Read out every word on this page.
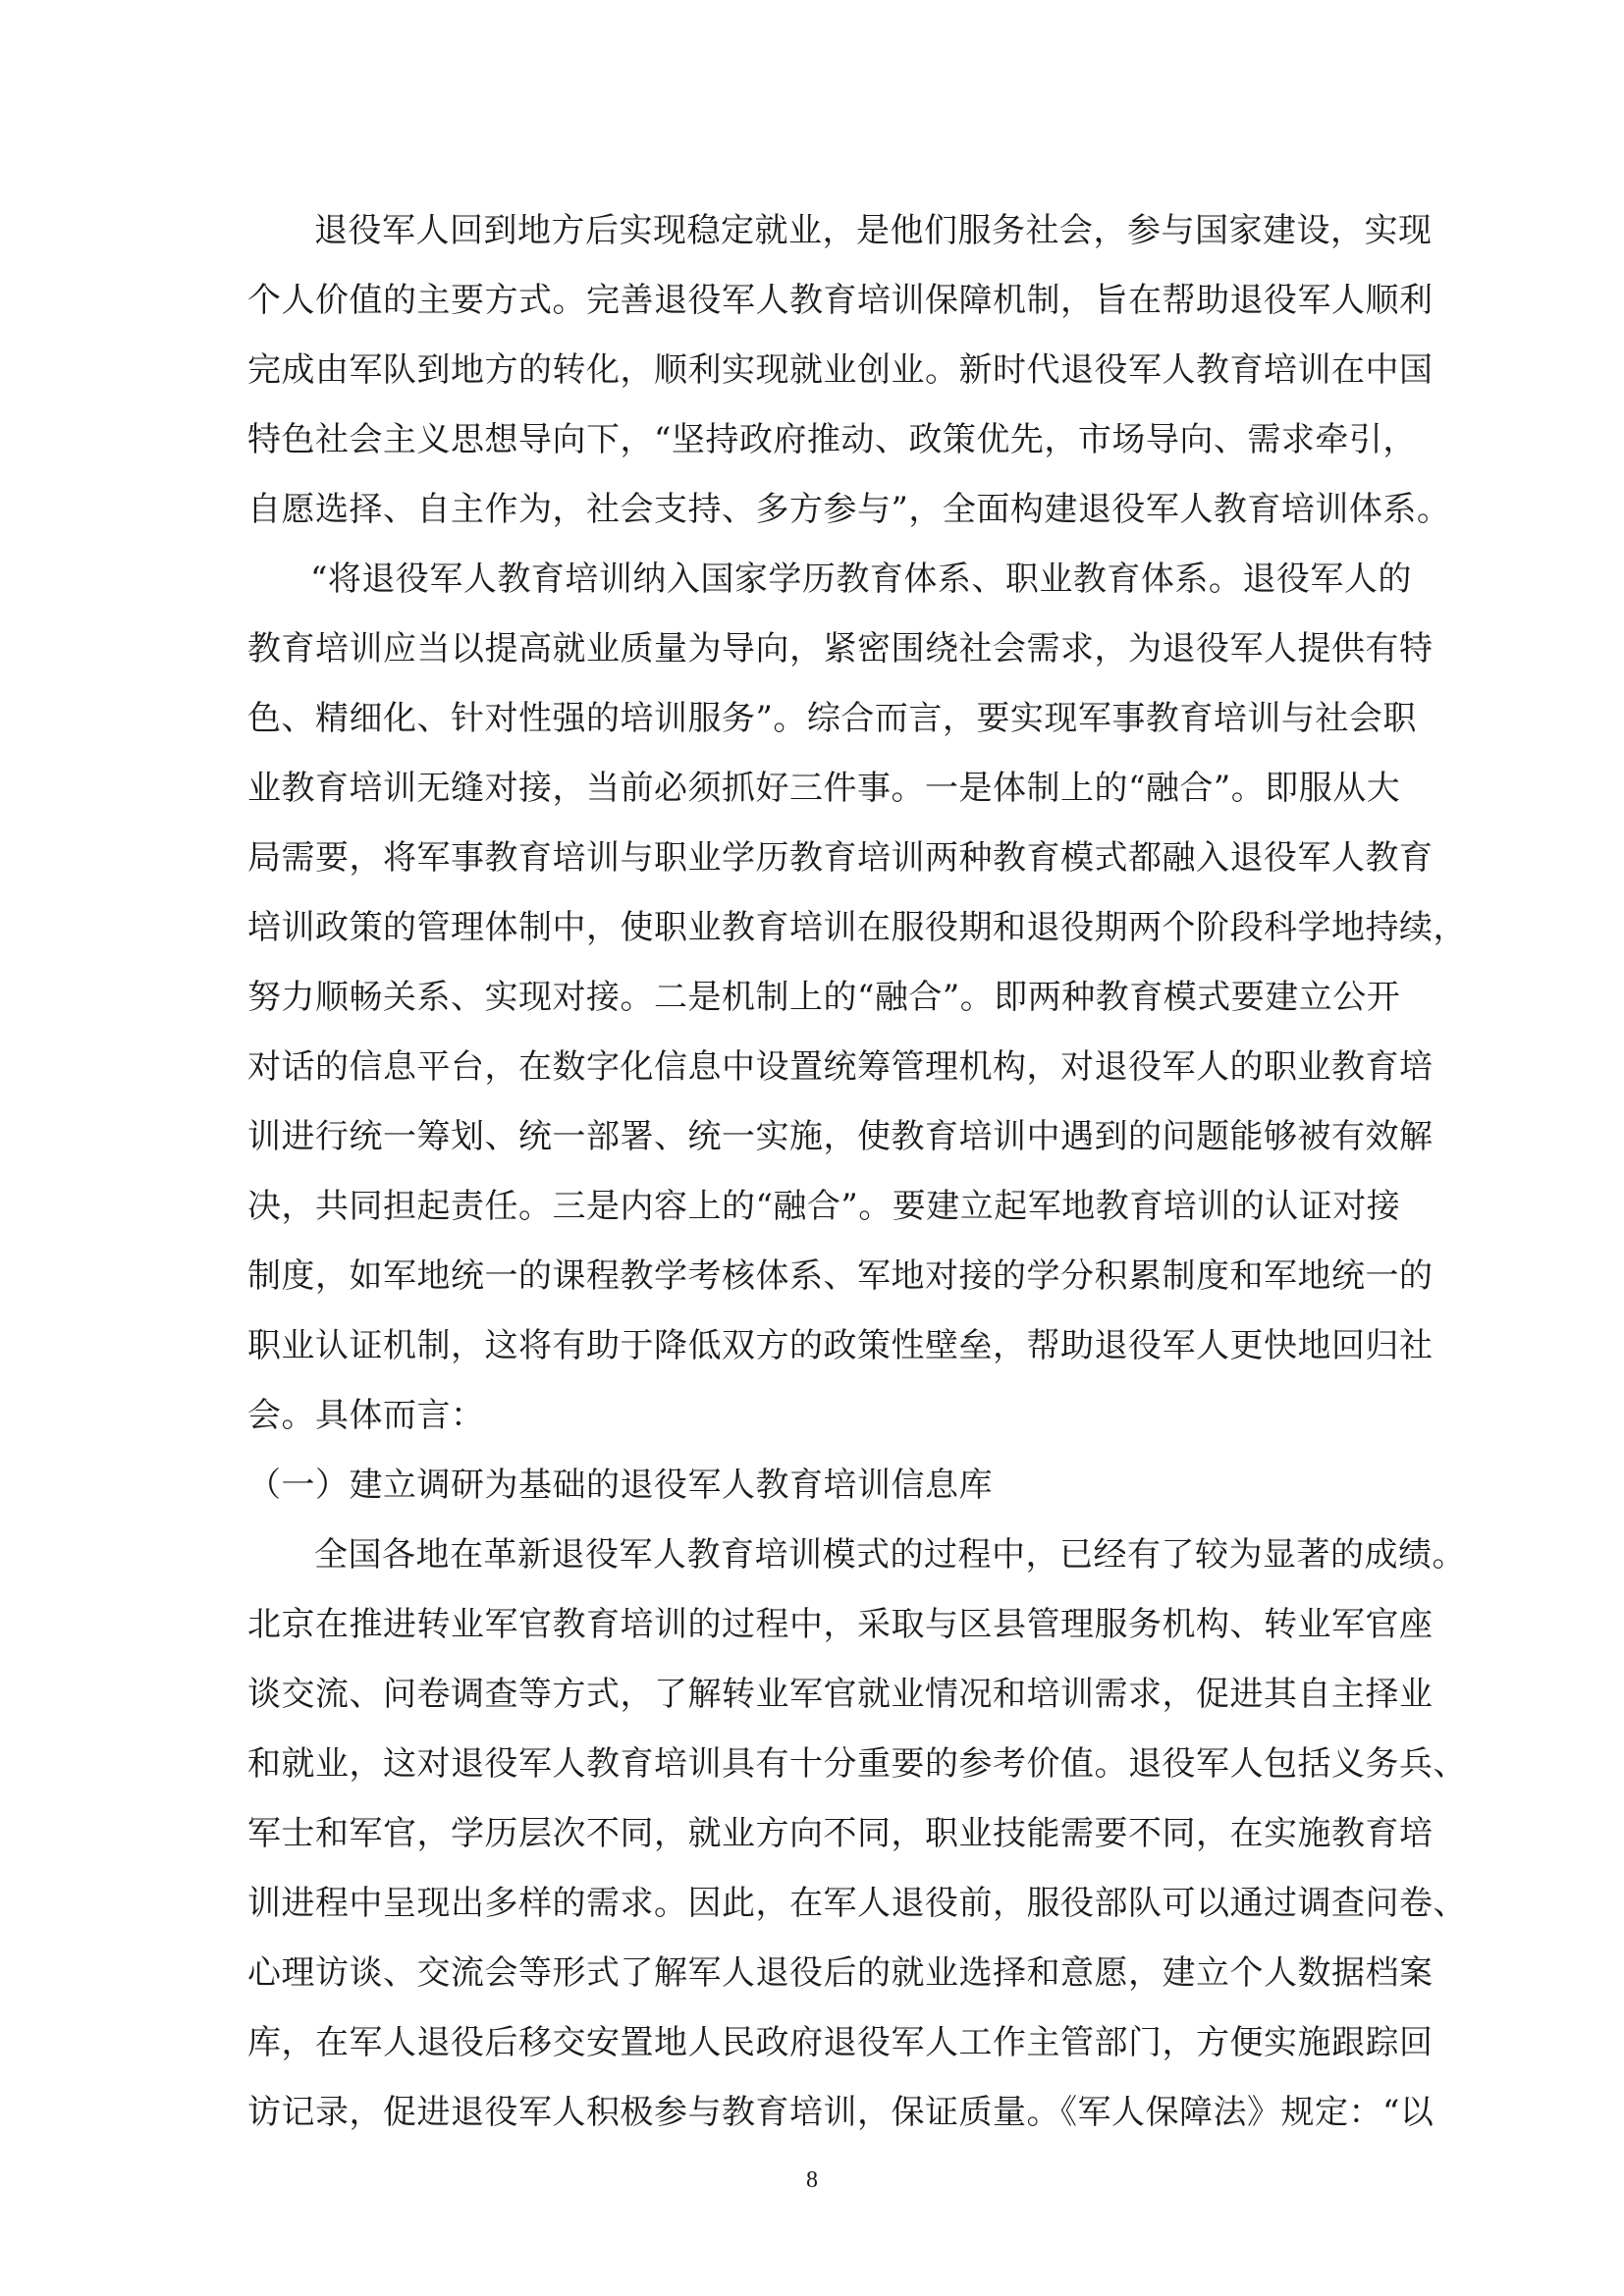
退役军人回到地方后实现稳定就业，是他们服务社会，参与国家建设，实现
个人价值的主要方式。完善退役军人教育培训保障机制，旨在帮助退役军人顺利
完成由军队到地方的转化，顺利实现就业创业。新时代退役军人教育培训在中国
特色社会主义思想导向下，“坚持政府推动、政策优先，市场导向、需求牵引，
自愿选择、自主作为，社会支持、多方参与”，全面构建退役军人教育培训体系。
“将退役军人教育培训纳入国家学历教育体系、职业教育体系。退役军人的
教育培训应当以提高就业质量为导向，紧密围绕社会需求，为退役军人提供有特
色、精细化、针对性强的培训服务”。综合而言，要实现军事教育培训与社会职
业教育培训无缝对接，当前必须抓好三件事。一是体制上的“融合”。即服从大
局需要，将军事教育培训与职业学历教育培训两种教育模式都融入退役军人教育
培训政策的管理体制中，使职业教育培训在服役期和退役期两个阶段科学地持续，
努力顺畅关系、实现对接。二是机制上的“融合”。即两种教育模式要建立公开
对话的信息平台，在数字化信息中设置统筹管理机构，对退役军人的职业教育培
训进行统一筹划、统一部署、统一实施，使教育培训中遇到的问题能够被有效解
决，共同担起责任。三是内容上的“融合”。要建立起军地教育培训的认证对接
制度，如军地统一的课程教学考核体系、军地对接的学分积累制度和军地统一的
职业认证机制，这将有助于降低双方的政策性壁垒，帮助退役军人更快地回归社
会。具体而言：
（一）建立调研为基础的退役军人教育培训信息库
全国各地在革新退役军人教育培训模式的过程中，已经有了较为显著的成绩。
北京在推进转业军官教育培训的过程中，采取与区县管理服务机构、转业军官座
谈交流、问卷调查等方式，了解转业军官就业情况和培训需求，促进其自主择业
和就业，这对退役军人教育培训具有十分重要的参考价值。退役军人包括义务兵、
军士和军官，学历层次不同，就业方向不同，职业技能需要不同，在实施教育培
训进程中呈现出多样的需求。因此，在军人退役前，服役部队可以通过调查问卷、
心理访谈、交流会等形式了解军人退役后的就业选择和意愿，建立个人数据档案
库，在军人退役后移交安置地人民政府退役军人工作主管部门，方便实施跟踪回
访记录，促进退役军人积极参与教育培训，保证质量。《军人保障法》规定：“以
8
